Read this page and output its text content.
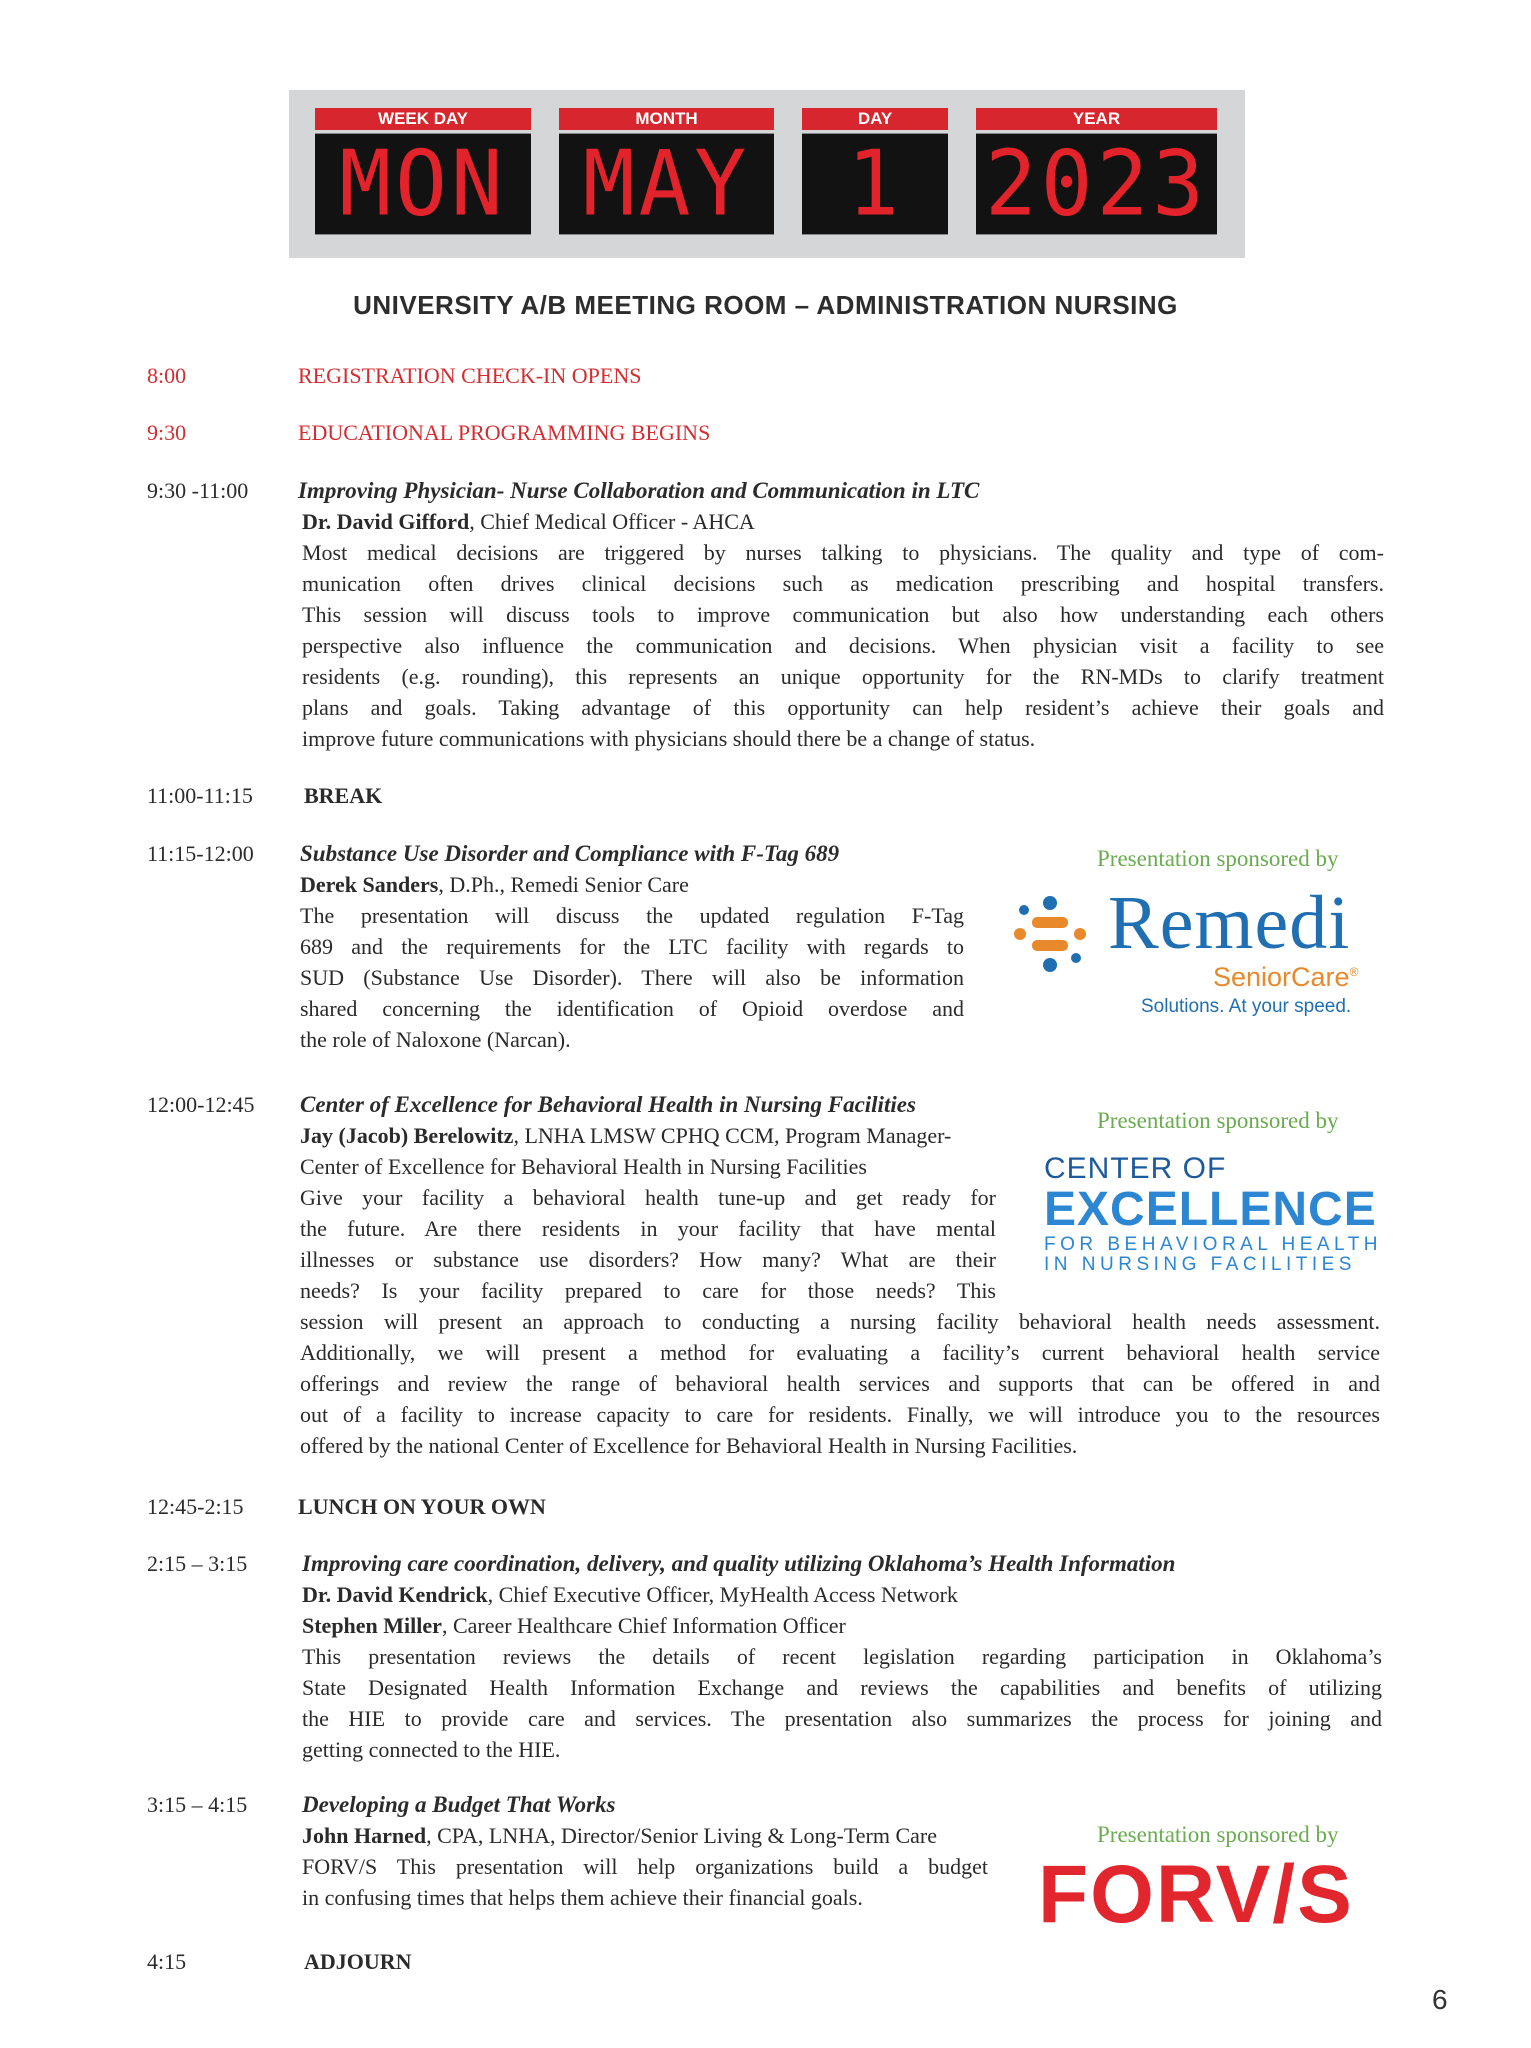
WEEK DAY
MON
MONTH
MAY
DAY
1
YEAR
2023
UNIVERSITY A/B MEETING ROOM – ADMINISTRATION NURSING
8:00	REGISTRATION CHECK-IN OPENS
9:30	EDUCATIONAL PROGRAMMING BEGINS
9:30 -11:00 Improving Physician- Nurse Collaboration and Communication in LTC
Dr. David Gifford, Chief Medical Officer - AHCA
Most medical decisions are triggered by nurses talking to physicians. The quality and type of com-
munication often drives clinical decisions such as medication prescribing and hospital transfers.
This session will discuss tools to improve communication but also how understanding each others
perspective also influence the communication and decisions. When physician visit a facility to see
residents (e.g. rounding), this represents an unique opportunity for the RN-MDs to clarify treatment
plans and goals. Taking advantage of this opportunity can help resident’s achieve their goals and
improve future communications with physicians should there be a change of status.
11:00-11:15 BREAK
11:15-12:00 Substance Use Disorder and Compliance with F-Tag 689
Derek Sanders, D.Ph., Remedi Senior Care
The presentation will discuss the updated regulation F-Tag
689 and the requirements for the LTC facility with regards to
SUD (Substance Use Disorder). There will also be information
shared concerning the identification of Opioid overdose and
the role of Naloxone (Narcan).
Presentation sponsored by
Remedi
SeniorCare®
Solutions. At your speed.
12:00-12:45 Center of Excellence for Behavioral Health in Nursing Facilities
Jay (Jacob) Berelowitz, LNHA LMSW CPHQ CCM, Program Manager-
Center of Excellence for Behavioral Health in Nursing Facilities
Give your facility a behavioral health tune-up and get ready for
the future. Are there residents in your facility that have mental
illnesses or substance use disorders? How many? What are their
needs? Is your facility prepared to care for those needs? This
session will present an approach to conducting a nursing facility behavioral health needs assessment.
Additionally, we will present a method for evaluating a facility’s current behavioral health service
offerings and review the range of behavioral health services and supports that can be offered in and
out of a facility to increase capacity to care for residents. Finally, we will introduce you to the resources
offered by the national Center of Excellence for Behavioral Health in Nursing Facilities.
Presentation sponsored by
CENTER OF
EXCELLENCE
FOR BEHAVIORAL HEALTH
IN NURSING FACILITIES
12:45-2:15 LUNCH ON YOUR OWN
2:15 – 3:15 Improving care coordination, delivery, and quality utilizing Oklahoma’s Health Information
Dr. David Kendrick, Chief Executive Officer, MyHealth Access Network
Stephen Miller, Career Healthcare Chief Information Officer
This presentation reviews the details of recent legislation regarding participation in Oklahoma’s
State Designated Health Information Exchange and reviews the capabilities and benefits of utilizing
the HIE to provide care and services. The presentation also summarizes the process for joining and
getting connected to the HIE.
3:15 – 4:15 Developing a Budget That Works
John Harned, CPA, LNHA, Director/Senior Living & Long-Term Care
FORV/S This presentation will help organizations build a budget
in confusing times that helps them achieve their financial goals.
Presentation sponsored by
FORV/S
4:15	ADJOURN
6
